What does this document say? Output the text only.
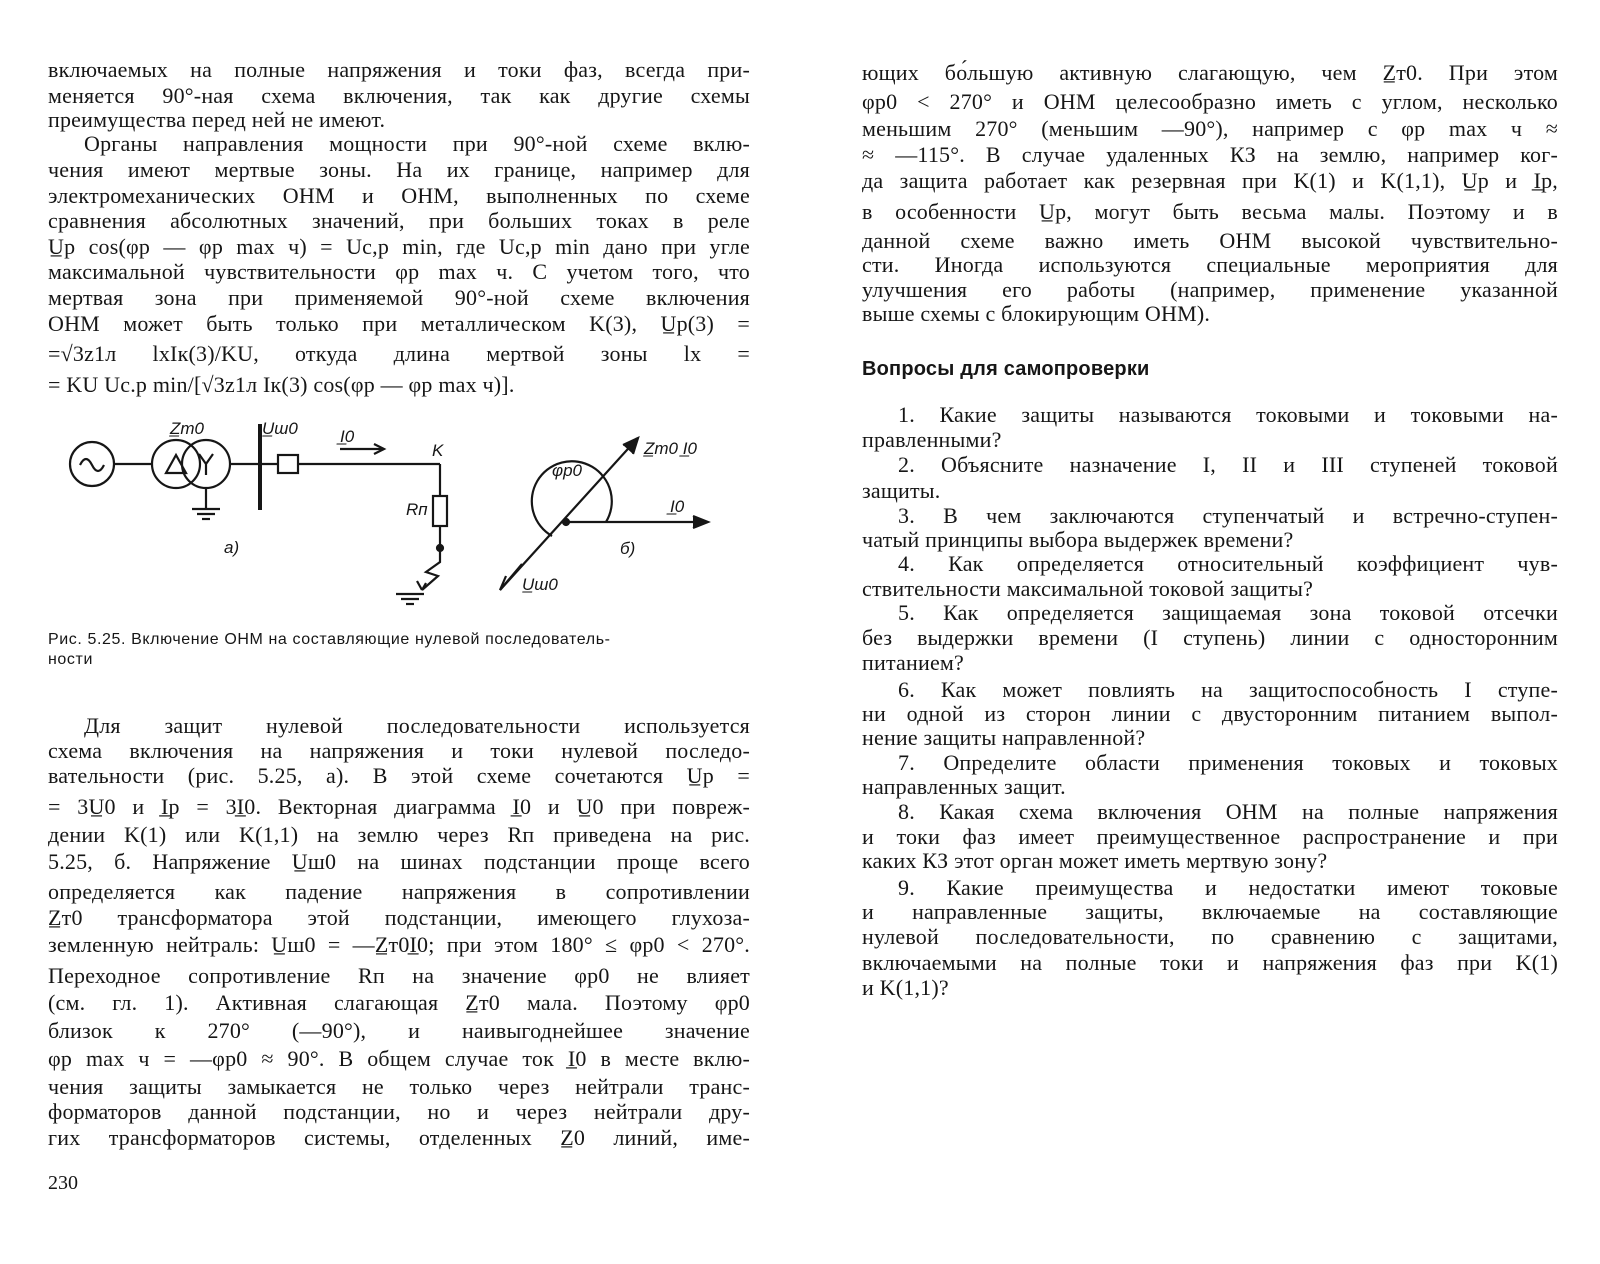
включаемых на полные напряжения и токи фаз, всегда при-
меняется 90°-ная схема включения, так как другие схемы
преимущества перед ней не имеют.
Органы направления мощности при 90°-ной схеме вклю-
чения имеют мертвые зоны. На их границе, например для
электромеханических ОНМ и ОНМ, выполненных по схеме
сравнения абсолютных значений, при больших токах в реле
U̲р cos(φр — φр max ч) = Uс,р min, где Uс,р min дано при угле
максимальной чувствительности φр max ч. С учетом того, что
мертвая зона при применяемой 90°-ной схеме включения
ОНМ может быть только при металлическом K(3), U̲р(3) =
=√3z1л lxIк(3)/KU, откуда длина мертвой зоны lx =
= KU Uс.р min/[√3z1л Iк(3) cos(φр — φр max ч)].
Z̲т0	U̲ш0 I̲0
K
Rп
а)
φр0
Z̲т0 I̲0
I̲0
б)
U̲ш0
Рис. 5.25. Включение ОНМ на составляющие нулевой последователь-
ности
Для защит нулевой последовательности используется
схема включения на напряжения и токи нулевой последо-
вательности (рис. 5.25, а). В этой схеме сочетаются U̲р =
= 3U̲0 и I̲р = 3I̲0. Векторная диаграмма I̲0 и U̲0 при повреж-
дении K(1) или K(1,1) на землю через Rп приведена на рис.
5.25, б. Напряжение U̲ш0 на шинах подстанции проще всего
определяется как падение напряжения в сопротивлении
Z̲т0 трансформатора этой подстанции, имеющего глухоза-
земленную нейтраль: U̲ш0 = —Z̲т0I̲0; при этом 180° ≤ φр0 < 270°.
Переходное сопротивление Rп на значение φр0 не влияет
(см. гл. 1). Активная слагающая Z̲т0 мала. Поэтому φр0
близок к 270° (—90°), и наивыгоднейшее значение
φр max ч = —φр0 ≈ 90°. В общем случае ток I̲0 в месте вклю-
чения защиты замыкается не только через нейтрали транс-
форматоров данной подстанции, но и через нейтрали дру-
гих трансформаторов системы, отделенных Z̲0 линий, име-
230
ющих бо́льшую активную слагающую, чем Z̲т0. При этом
φр0 < 270° и ОНМ целесообразно иметь с углом, несколько
меньшим 270° (меньшим —90°), например с φр max ч ≈
≈ —115°. В случае удаленных КЗ на землю, например ког-
да защита работает как резервная при K(1) и K(1,1), U̲р и I̲р,
в особенности U̲р, могут быть весьма малы. Поэтому и в
данной схеме важно иметь ОНМ высокой чувствительно-
сти. Иногда используются специальные мероприятия для
улучшения его работы (например, применение указанной
выше схемы с блокирующим ОНМ).
Вопросы для самопроверки
1. Какие защиты называются токовыми и токовыми на-
правленными?
2. Объясните назначение I, II и III ступеней токовой
защиты.
3. В чем заключаются ступенчатый и встречно-ступен-
чатый принципы выбора выдержек времени?
4. Как определяется относительный коэффициент чув-
ствительности максимальной токовой защиты?
5. Как определяется защищаемая зона токовой отсечки
без выдержки времени (I ступень) линии с односторонним
питанием?
6. Как может повлиять на защитоспособность I ступе-
ни одной из сторон линии с двусторонним питанием выпол-
нение защиты направленной?
7. Определите области применения токовых и токовых
направленных защит.
8. Какая схема включения ОНМ на полные напряжения
и токи фаз имеет преимущественное распространение и при
каких КЗ этот орган может иметь мертвую зону?
9. Какие преимущества и недостатки имеют токовые
и направленные защиты, включаемые на составляющие
нулевой последовательности, по сравнению с защитами,
включаемыми на полные токи и напряжения фаз при K(1)
и K(1,1)?
